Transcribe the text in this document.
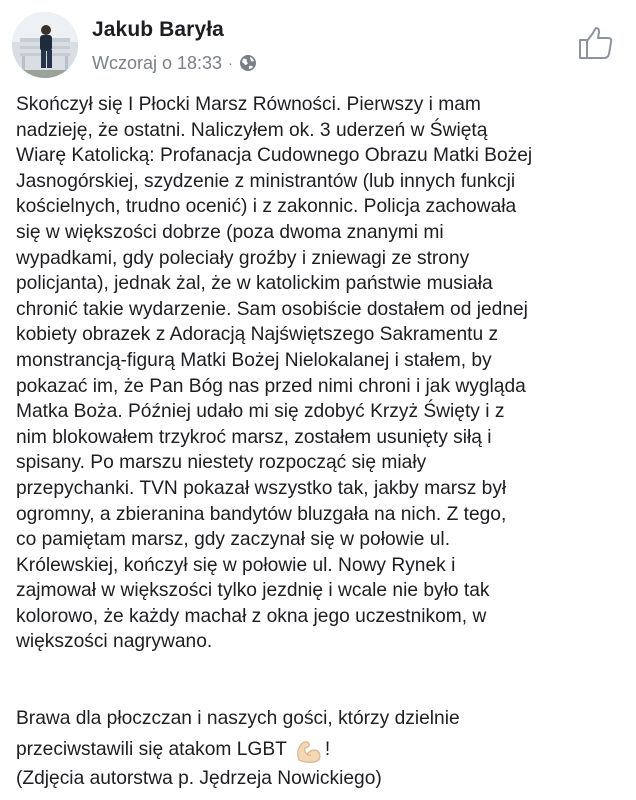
Jakub Baryła
Wczoraj o 18:33 ·

Skończył się I Płocki Marsz Równości. Pierwszy i mam
nadzieję, że ostatni. Naliczyłem ok. 3 uderzeń w Świętą
Wiarę Katolicką: Profanacja Cudownego Obrazu Matki Bożej
Jasnogórskiej, szydzenie z ministrantów (lub innych funkcji
kościelnych, trudno ocenić) i z zakonnic. Policja zachowała
się w większości dobrze (poza dwoma znanymi mi
wypadkami, gdy poleciały groźby i zniewagi ze strony
policjanta), jednak żal, że w katolickim państwie musiała
chronić takie wydarzenie. Sam osobiście dostałem od jednej
kobiety obrazek z Adoracją Najświętszego Sakramentu z
monstrancją-figurą Matki Bożej Nielokalanej i stałem, by
pokazać im, że Pan Bóg nas przed nimi chroni i jak wygląda
Matka Boża. Później udało mi się zdobyć Krzyż Święty i z
nim blokowałem trzykroć marsz, zostałem usunięty siłą i
spisany. Po marszu niestety rozpocząć się miały
przepychanki. TVN pokazał wszystko tak, jakby marsz był
ogromny, a zbieranina bandytów bluzgała na nich. Z tego,
co pamiętam marsz, gdy zaczynał się w połowie ul.
Królewskiej, kończył się w połowie ul. Nowy Rynek i
zajmował w większości tylko jezdnię i wcale nie było tak
kolorowo, że każdy machał z okna jego uczestnikom, w
większości nagrywano.

Brawa dla płoczczan i naszych gości, którzy dzielnie

przeciwstawili się atakom LGBT !

(Zdjęcia autorstwa p. Jędrzeja Nowickiego)
